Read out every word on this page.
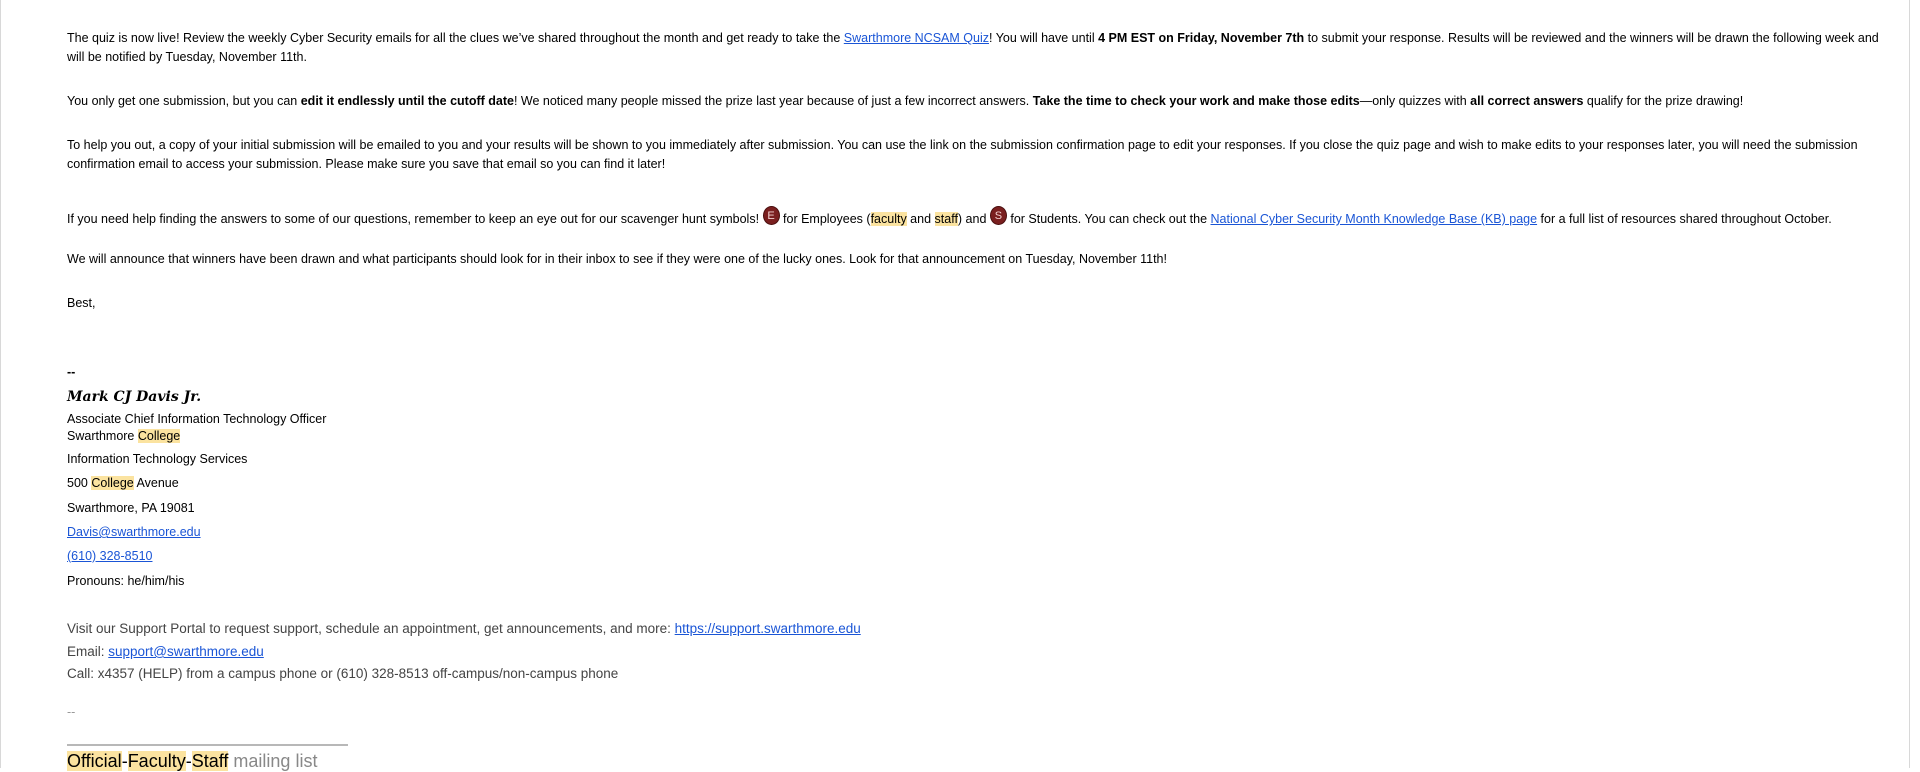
The quiz is now live! Review the weekly Cyber Security emails for all the clues we’ve shared throughout the month and get ready to take the Swarthmore NCSAM Quiz! You will have until 4 PM EST on Friday, November 7th to submit your response. Results will be reviewed and the winners will be drawn the following week and will be notified by Tuesday, November 11th.
You only get one submission, but you can edit it endlessly until the cutoff date! We noticed many people missed the prize last year because of just a few incorrect answers. Take the time to check your work and make those edits—only quizzes with all correct answers qualify for the prize drawing!
To help you out, a copy of your initial submission will be emailed to you and your results will be shown to you immediately after submission. You can use the link on the submission confirmation page to edit your responses. If you close the quiz page and wish to make edits to your responses later, you will need the submission confirmation email to access your submission. Please make sure you save that email so you can find it later!
If you need help finding the answers to some of our questions, remember to keep an eye out for our scavenger hunt symbols! E for Employees (faculty and staff) and S for Students. You can check out the National Cyber Security Month Knowledge Base (KB) page for a full list of resources shared throughout October.
We will announce that winners have been drawn and what participants should look for in their inbox to see if they were one of the lucky ones. Look for that announcement on Tuesday, November 11th!
Best,
--
Mark CJ Davis Jr.
Associate Chief Information Technology Officer
Swarthmore College
Information Technology Services
500 College Avenue
Swarthmore, PA 19081
Davis@swarthmore.edu
(610) 328-8510
Pronouns: he/him/his
Visit our Support Portal to request support, schedule an appointment, get announcements, and more: https://support.swarthmore.edu
Email: support@swarthmore.edu
Call: x4357 (HELP) from a campus phone or (610) 328-8513 off-campus/non-campus phone
--
Official-Faculty-Staff mailing list
